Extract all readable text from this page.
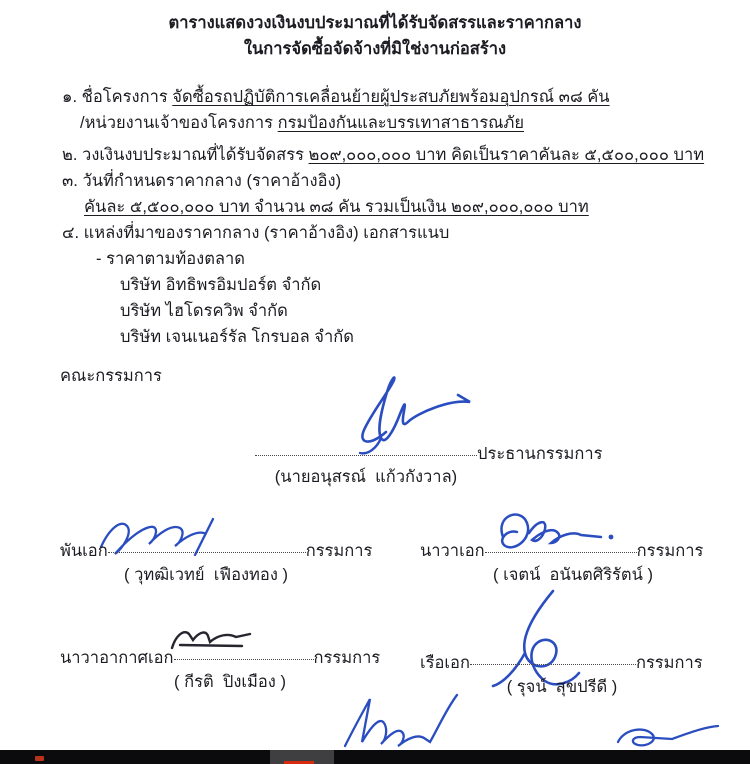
ตารางแสดงวงเงินงบประมาณที่ได้รับจัดสรรและราคากลาง
ในการจัดซื้อจัดจ้างที่มิใช่งานก่อสร้าง
๑. ชื่อโครงการ จัดซื้อรถปฏิบัติการเคลื่อนย้ายผู้ประสบภัยพร้อมอุปกรณ์ ๓๘ คัน
/หน่วยงานเจ้าของโครงการ กรมป้องกันและบรรเทาสาธารณภัย
๒. วงเงินงบประมาณที่ได้รับจัดสรร ๒๐๙,๐๐๐,๐๐๐ บาท คิดเป็นราคาคันละ ๕,๕๐๐,๐๐๐ บาท
๓. วันที่กำหนดราคากลาง (ราคาอ้างอิง)
คันละ ๕,๕๐๐,๐๐๐ บาท จำนวน ๓๘ คัน รวมเป็นเงิน ๒๐๙,๐๐๐,๐๐๐ บาท
๔. แหล่งที่มาของราคากลาง (ราคาอ้างอิง) เอกสารแนบ
- ราคาตามท้องตลาด
บริษัท อิทธิพรอิมปอร์ต จำกัด
บริษัท ไฮโดรควิพ จำกัด
บริษัท เจนเนอร์รัล โกรบอล จำกัด
คณะกรรมการ
ประธานกรรมการ
(นายอนุสรณ์  แก้วกังวาล)
พันเอก	กรรมการ
( วุทฒิเวทย์  เฟืองทอง )
นาวาเอก	กรรมการ
( เจตน์  อนันตศิริรัตน์ )
นาวาอากาศเอก	กรรมการ
( กีรติ  ปิงเมือง )
เรือเอก	กรรมการ
( รุจน์  สุขปรีดี )
